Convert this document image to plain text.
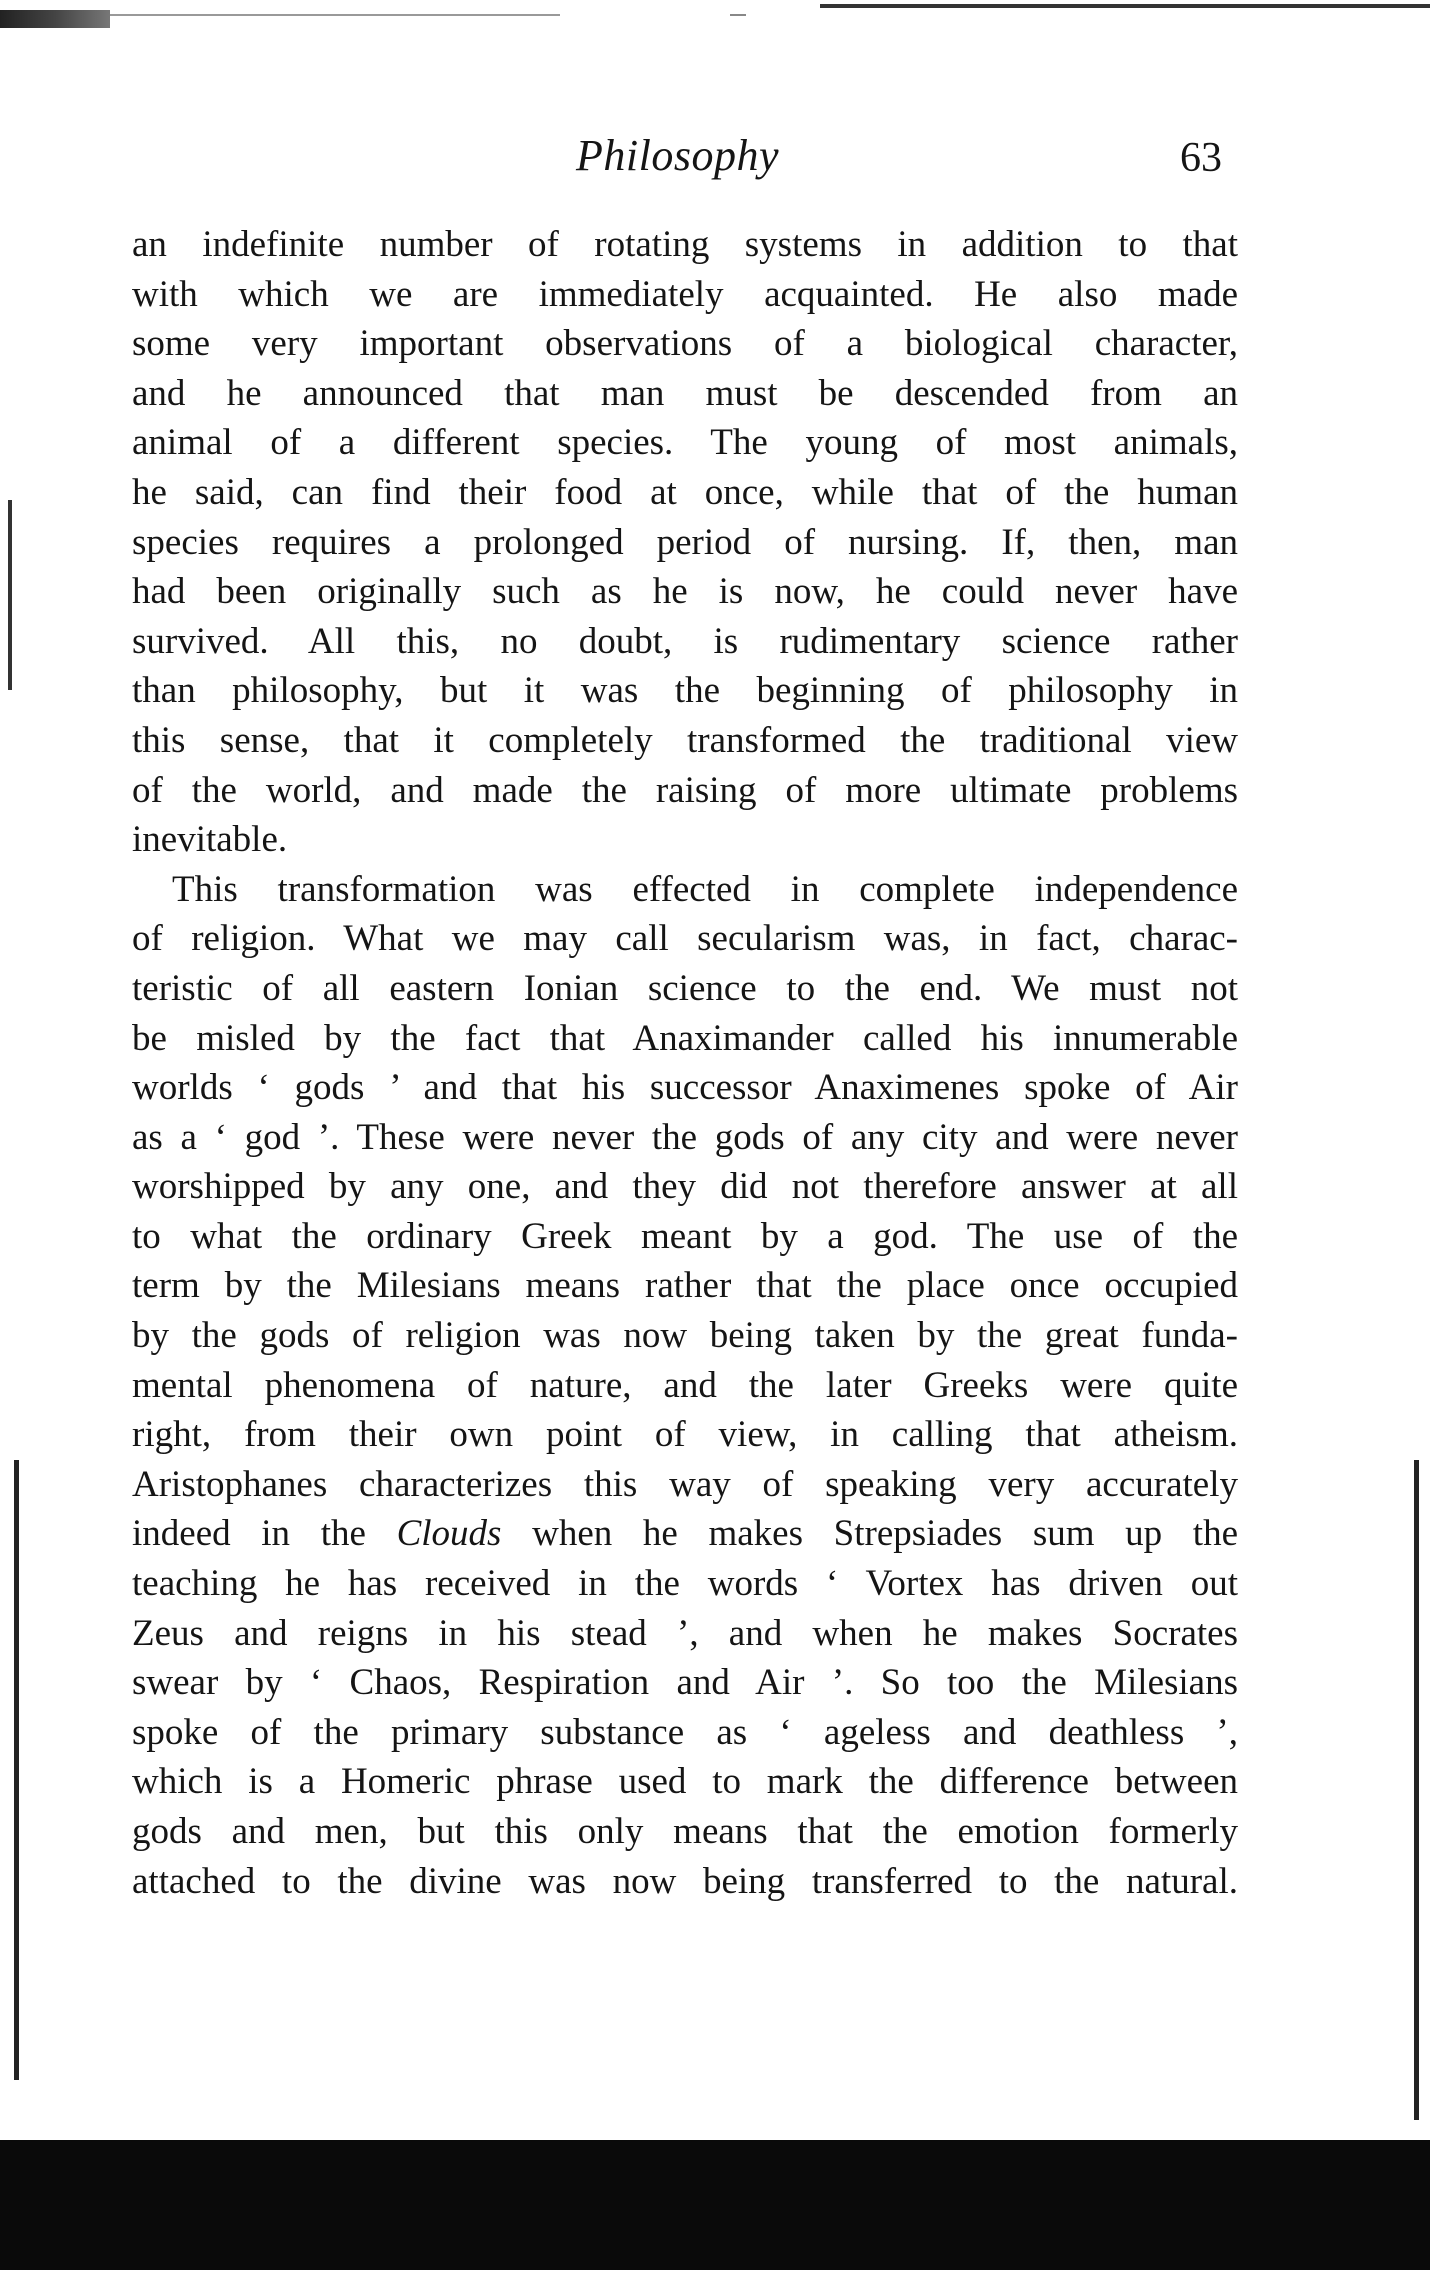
Philosophy	63
an indefinite number of rotating systems in addition to that
with which we are immediately acquainted. He also made
some very important observations of a biological character,
and he announced that man must be descended from an
animal of a different species. The young of most animals,
he said, can find their food at once, while that of the human
species requires a prolonged period of nursing. If, then, man
had been originally such as he is now, he could never have
survived. All this, no doubt, is rudimentary science rather
than philosophy, but it was the beginning of philosophy in
this sense, that it completely transformed the traditional view
of the world, and made the raising of more ultimate problems
inevitable.
This transformation was effected in complete independence
of religion. What we may call secularism was, in fact, charac-
teristic of all eastern Ionian science to the end. We must not
be misled by the fact that Anaximander called his innumerable
worlds ‘ gods ’ and that his successor Anaximenes spoke of Air
as a ‘ god ’. These were never the gods of any city and were never
worshipped by any one, and they did not therefore answer at all
to what the ordinary Greek meant by a god. The use of the
term by the Milesians means rather that the place once occupied
by the gods of religion was now being taken by the great funda-
mental phenomena of nature, and the later Greeks were quite
right, from their own point of view, in calling that atheism.
Aristophanes characterizes this way of speaking very accurately
indeed in the Clouds when he makes Strepsiades sum up the
teaching he has received in the words ‘ Vortex has driven out
Zeus and reigns in his stead ’, and when he makes Socrates
swear by ‘ Chaos, Respiration and Air ’. So too the Milesians
spoke of the primary substance as ‘ ageless and deathless ’,
which is a Homeric phrase used to mark the difference between
gods and men, but this only means that the emotion formerly
attached to the divine was now being transferred to the natural.
